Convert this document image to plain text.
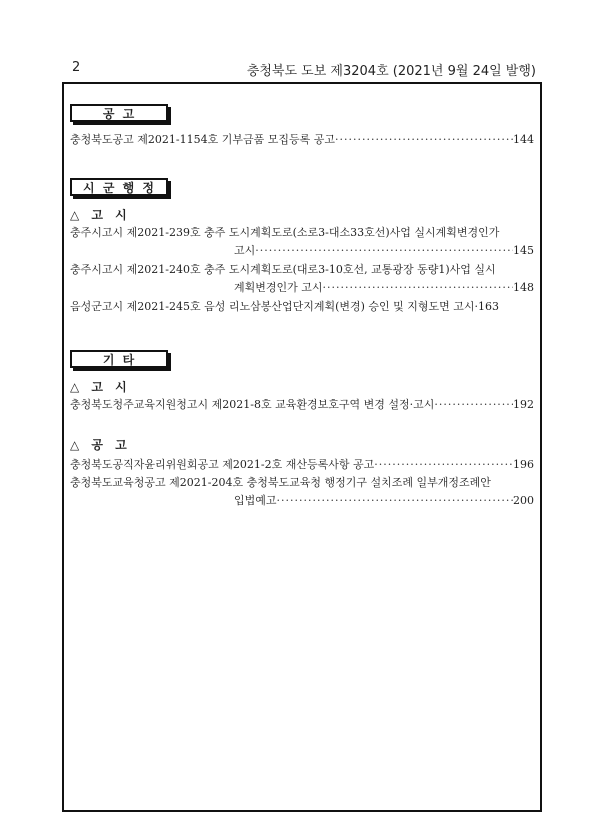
2	충청북도 도보 제3204호 (2021년 9월 24일 발행)
공 고
충청북도공고 제2021-1154호 기부금품 모집등록 공고 ·····	144
시 군 행 정
△ 고 시
충주시고시 제2021-239호 충주 도시계획도로(소로3-대소33호선)사업 실시계획변경인가
고시 ·····	145
충주시고시 제2021-240호 충주 도시계획도로(대로3-10호선, 교통광장 동량1)사업 실시
계획변경인가 고시 ·····	148
음성군고시 제2021-245호 음성 리노삼봉산업단지계획(변경) 승인 및 지형도면 고시·163
기 타
△ 고 시
충청북도청주교육지원청고시 제2021-8호 교육환경보호구역 변경 설정·고시 ·····	192
△ 공 고
충청북도공직자윤리위원회공고 제2021-2호 재산등록사항 공고 ·····	196
충청북도교육청공고 제2021-204호 충청북도교육청 행정기구 설치조례 일부개정조례안
입법예고 ·····	200
